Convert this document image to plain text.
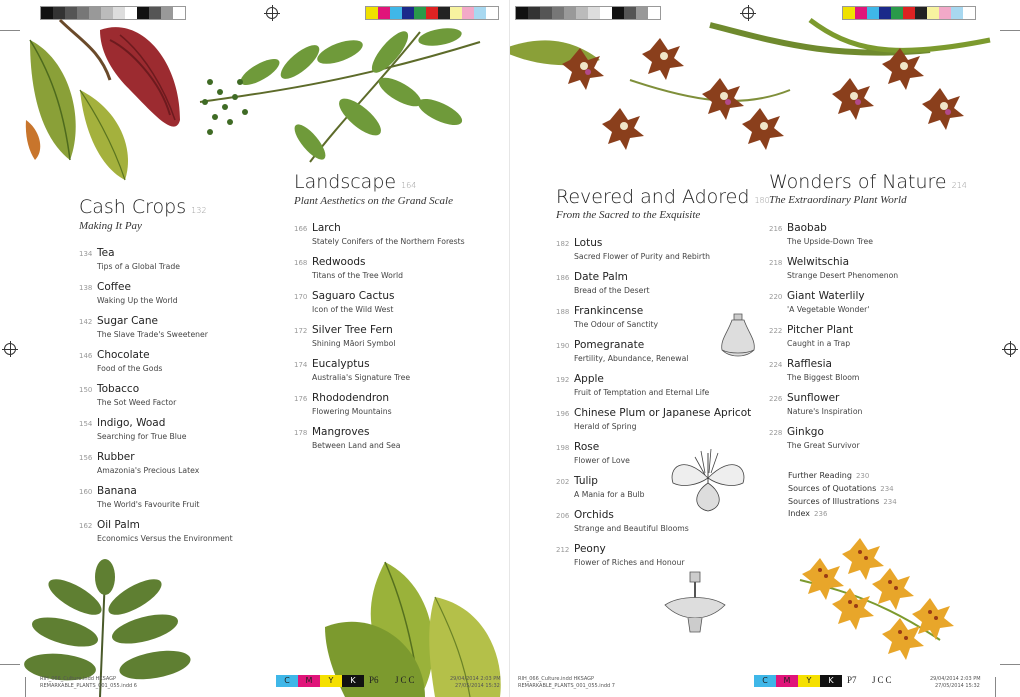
Cash Crops 132
Making It Pay
134 Tea
Tips of a Global Trade
138 Coffee
Waking Up the World
142 Sugar Cane
The Slave Trade's Sweetener
146 Chocolate
Food of the Gods
150 Tobacco
The Sot Weed Factor
154 Indigo, Woad
Searching for True Blue
156 Rubber
Amazonia's Precious Latex
160 Banana
The World's Favourite Fruit
162 Oil Palm
Economics Versus the Environment
Landscape 164
Plant Aesthetics on the Grand Scale
166 Larch
Stately Conifers of the Northern Forests
168 Redwoods
Titans of the Tree World
170 Saguaro Cactus
Icon of the Wild West
172 Silver Tree Fern
Shining Māori Symbol
174 Eucalyptus
Australia's Signature Tree
176 Rhododendron
Flowering Mountains
178 Mangroves
Between Land and Sea
REMARKABLE_PLANTS_001_055.indd 6
RIH_066_Culture.indd HKSAGP	C	M	Y	K	P6 JCC	29/04/2014 2:03 PM
27/05/2014 15:32
Revered and Adored 180
From the Sacred to the Exquisite
182 Lotus
Sacred Flower of Purity and Rebirth
186 Date Palm
Bread of the Desert
188 Frankincense
The Odour of Sanctity
190 Pomegranate
Fertility, Abundance, Renewal
192 Apple
Fruit of Temptation and Eternal Life
196 Chinese Plum or Japanese Apricot
Herald of Spring
198 Rose
Flower of Love
202 Tulip
A Mania for a Bulb
206 Orchids
Strange and Beautiful Blooms
212 Peony
Flower of Riches and Honour
Wonders of Nature 214
The Extraordinary Plant World
216 Baobab
The Upside-Down Tree
218 Welwitschia
Strange Desert Phenomenon
220 Giant Waterlily
'A Vegetable Wonder'
222 Pitcher Plant
Caught in a Trap
224 Rafflesia
The Biggest Bloom
226 Sunflower
Nature's Inspiration
228 Ginkgo
The Great Survivor
Further Reading 230
Sources of Quotations 234
Sources of Illustrations 234
Index 236
RIH_066_Culture.indd HKSAGP
REMARKABLE_PLANTS_001_055.indd 7
C	M	Y	K	P7 JCC	29/04/2014 2:03 PM
27/05/2014 15:32
